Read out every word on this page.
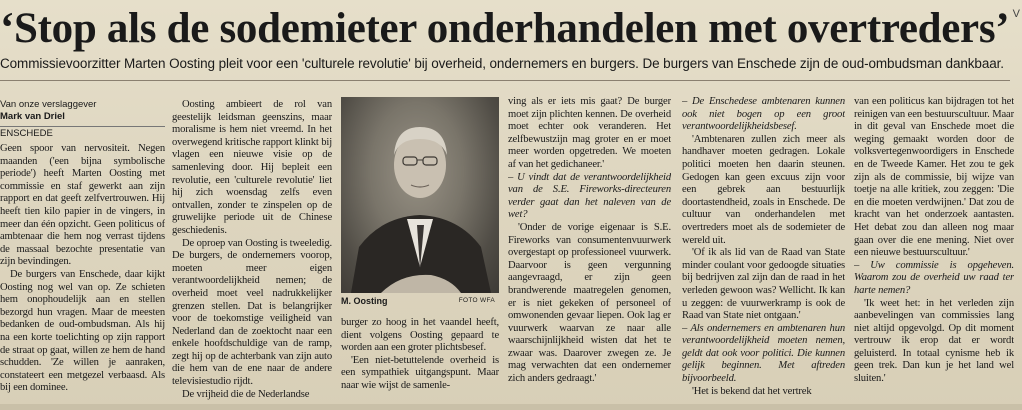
‘Stop als de sodemieter onderhandelen met overtreders’ V
Commissievoorzitter Marten Oosting pleit voor een 'culturele revolutie' bij overheid, ondernemers en burgers. De burgers van Enschede zijn de oud-ombudsman dankbaar.
Van onze verslaggever
Mark van Driel
ENSCHEDE

Geen spoor van nervositeit. Negen maanden ('een bijna symbolische periode') heeft Marten Oosting met commissie en staf gewerkt aan zijn rapport en dat geeft zelfvertrouwen. Hij heeft tien kilo papier in de vingers, in meer dan één opzicht. Geen politicus of ambtenaar die hem nog verrast tijdens de massaal bezochte presentatie van zijn bevindingen.

De burgers van Enschede, daar kijkt Oosting nog wel van op. Ze schieten hem onophoudelijk aan en stellen bezorgd hun vragen. Maar de meesten bedanken de oud-ombudsman. Als hij na een korte toelichting op zijn rapport de straat op gaat, willen ze hem de hand schudden. 'Ze willen je aanraken, constateert een metgezel verbaasd. Als bij een dominee.

Oosting ambieert de rol van geestelijk leidsman geenszins, maar moralisme is hem niet vreemd. In het overwegend kritische rapport klinkt bij vlagen een nieuwe visie op de samenleving door. Hij bepleit een revolutie, een 'culturele revolutie' liet hij zich woensdag zelfs even ontvallen, zonder te zinspelen op de gruwelijke periode uit de Chinese geschiedenis.

De oproep van Oosting is tweeledig. De burgers, de ondernemers voorop, moeten meer eigen verantwoordelijkheid nemen; de overheid moet veel nadrukkelijker grenzen stellen. Dat is belangrijker voor de toekomstige veiligheid van Nederland dan de zoektocht naar een enkele hoofdschuldige van de ramp, zegt hij op de achterbank van zijn auto die hem van de ene naar de andere televisiestudio rijdt.

De vrijheid die de Nederlandse

M. Oosting	FOTO WFA

burger zo hoog in het vaandel heeft, dient volgens Oosting gepaard te worden aan een groter plichtsbesef.

'Een niet-betuttelende overheid is een sympathiek uitgangspunt. Maar naar wie wijst de samenle-

ving als er iets mis gaat? De burger moet zijn plichten kennen. De overheid moet echter ook veranderen. Het zelfbewustzijn mag groter en er moet meer worden opgetreden. We moeten af van het gedichaneer.'

– U vindt dat de verantwoordelijkheid van de S.E. Fireworks-directeuren verder gaat dan het naleven van de wet?

'Onder de vorige eigenaar is S.E. Fireworks van consumentenvuurwerk overgestapt op professioneel vuurwerk. Daarvoor is geen vergunning aangevraagd, er zijn geen brandwerende maatregelen genomen, er is niet gekeken of personeel of omwonenden gevaar liepen. Ook lag er vuurwerk waarvan ze naar alle waarschijnlijkheid wisten dat het te zwaar was. Daarover zwegen ze. Je mag verwachten dat een ondernemer zich anders gedraagt.'

– De Enschedese ambtenaren kunnen ook niet bogen op een groot verantwoordelijkheidsbesef.

'Ambtenaren zullen zich meer als handhaver moeten gedragen. Lokale politici moeten hen daarin steunen. Gedogen kan geen excuus zijn voor een gebrek aan bestuurlijk doortastendheid, zoals in Enschede. De cultuur van onderhandelen met overtreders moet als de sodemieter de wereld uit.

'Of ik als lid van de Raad van State minder coulant voor gedoogde situaties bij bedrijven zal zijn dan de raad in het verleden gewoon was? Wellicht. Ik kan u zeggen: de vuurwerkramp is ook de Raad van State niet ontgaan.'

– Als ondernemers en ambtenaren hun verantwoordelijkheid moeten nemen, geldt dat ook voor politici. Die kunnen gelijk beginnen. Met aftreden bijvoorbeeld.

'Het is bekend dat het vertrek

van een politicus kan bijdragen tot het reinigen van een bestuurscultuur. Maar in dit geval van Enschede moet die weging gemaakt worden door de volksvertegenwoordigers in Enschede en de Tweede Kamer. Het zou te gek zijn als de commissie, bij wijze van toetje na alle kritiek, zou zeggen: 'Die en die moeten verdwijnen.' Dat zou de kracht van het onderzoek aantasten. Het debat zou dan alleen nog maar gaan over die ene mening. Niet over een nieuwe bestuurscultuur.'

– Uw commissie is opgeheven. Waarom zou de overheid uw raad ter harte nemen?

'Ik weet het: in het verleden zijn aanbevelingen van commissies lang niet altijd opgevolgd. Op dit moment vertrouw ik erop dat er wordt geluisterd. In totaal cynisme heb ik geen trek. Dan kun je het land wel sluiten.'
